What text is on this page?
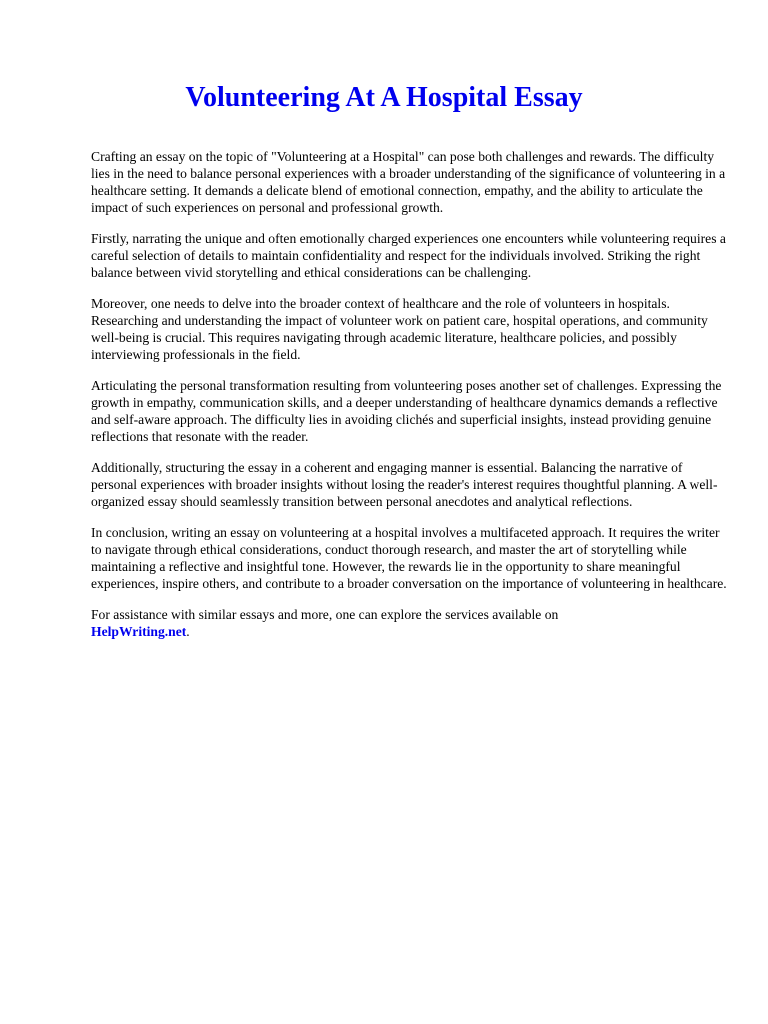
Volunteering At A Hospital Essay

Crafting an essay on the topic of "Volunteering at a Hospital" can pose both challenges and rewards. The difficulty lies in the need to balance personal experiences with a broader understanding of the significance of volunteering in a healthcare setting. It demands a delicate blend of emotional connection, empathy, and the ability to articulate the impact of such experiences on personal and professional growth.

Firstly, narrating the unique and often emotionally charged experiences one encounters while volunteering requires a careful selection of details to maintain confidentiality and respect for the individuals involved. Striking the right balance between vivid storytelling and ethical considerations can be challenging.

Moreover, one needs to delve into the broader context of healthcare and the role of volunteers in hospitals. Researching and understanding the impact of volunteer work on patient care, hospital operations, and community well-being is crucial. This requires navigating through academic literature, healthcare policies, and possibly interviewing professionals in the field.

Articulating the personal transformation resulting from volunteering poses another set of challenges. Expressing the growth in empathy, communication skills, and a deeper understanding of healthcare dynamics demands a reflective and self-aware approach. The difficulty lies in avoiding clichés and superficial insights, instead providing genuine reflections that resonate with the reader.

Additionally, structuring the essay in a coherent and engaging manner is essential. Balancing the narrative of personal experiences with broader insights without losing the reader's interest requires thoughtful planning. A well-organized essay should seamlessly transition between personal anecdotes and analytical reflections.

In conclusion, writing an essay on volunteering at a hospital involves a multifaceted approach. It requires the writer to navigate through ethical considerations, conduct thorough research, and master the art of storytelling while maintaining a reflective and insightful tone. However, the rewards lie in the opportunity to share meaningful experiences, inspire others, and contribute to a broader conversation on the importance of volunteering in healthcare.

For assistance with similar essays and more, one can explore the services available on
HelpWriting.net.
